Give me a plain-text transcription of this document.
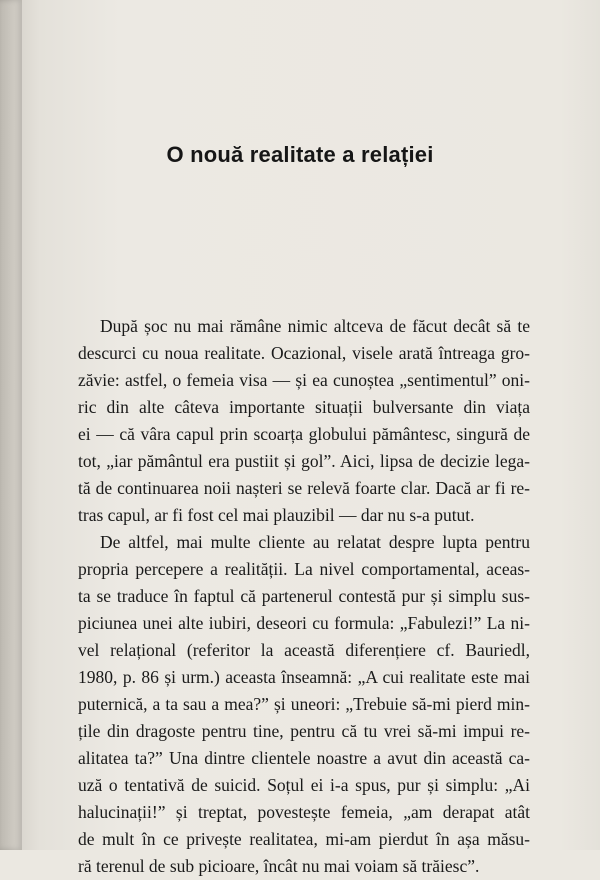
O nouă realitate a relației
După șoc nu mai rămâne nimic altceva de făcut decât să te
descurci cu noua realitate. Ocazional, visele arată întreaga gro-
zăvie: astfel, o femeia visa — și ea cunoștea „sentimentul” oni-
ric din alte câteva importante situații bulversante din viața
ei — că vâra capul prin scoarța globului pământesc, singură de
tot, „iar pământul era pustiit și gol”. Aici, lipsa de decizie lega-
tă de continuarea noii nașteri se relevă foarte clar. Dacă ar fi re-
tras capul, ar fi fost cel mai plauzibil — dar nu s-a putut.
De altfel, mai multe cliente au relatat despre lupta pentru
propria percepere a realității. La nivel comportamental, aceas-
ta se traduce în faptul că partenerul contestă pur și simplu sus-
piciunea unei alte iubiri, deseori cu formula: „Fabulezi!” La ni-
vel relațional (referitor la această diferențiere cf. Bauriedl,
1980, p. 86 și urm.) aceasta înseamnă: „A cui realitate este mai
puternică, a ta sau a mea?” și uneori: „Trebuie să-mi pierd min-
țile din dragoste pentru tine, pentru că tu vrei să-mi impui re-
alitatea ta?” Una dintre clientele noastre a avut din această ca-
uză o tentativă de suicid. Soțul ei i-a spus, pur și simplu: „Ai
halucinații!” și treptat, povestește femeia, „am derapat atât
de mult în ce privește realitatea, mi-am pierdut în așa măsu-
ră terenul de sub picioare, încât nu mai voiam să trăiesc”.
